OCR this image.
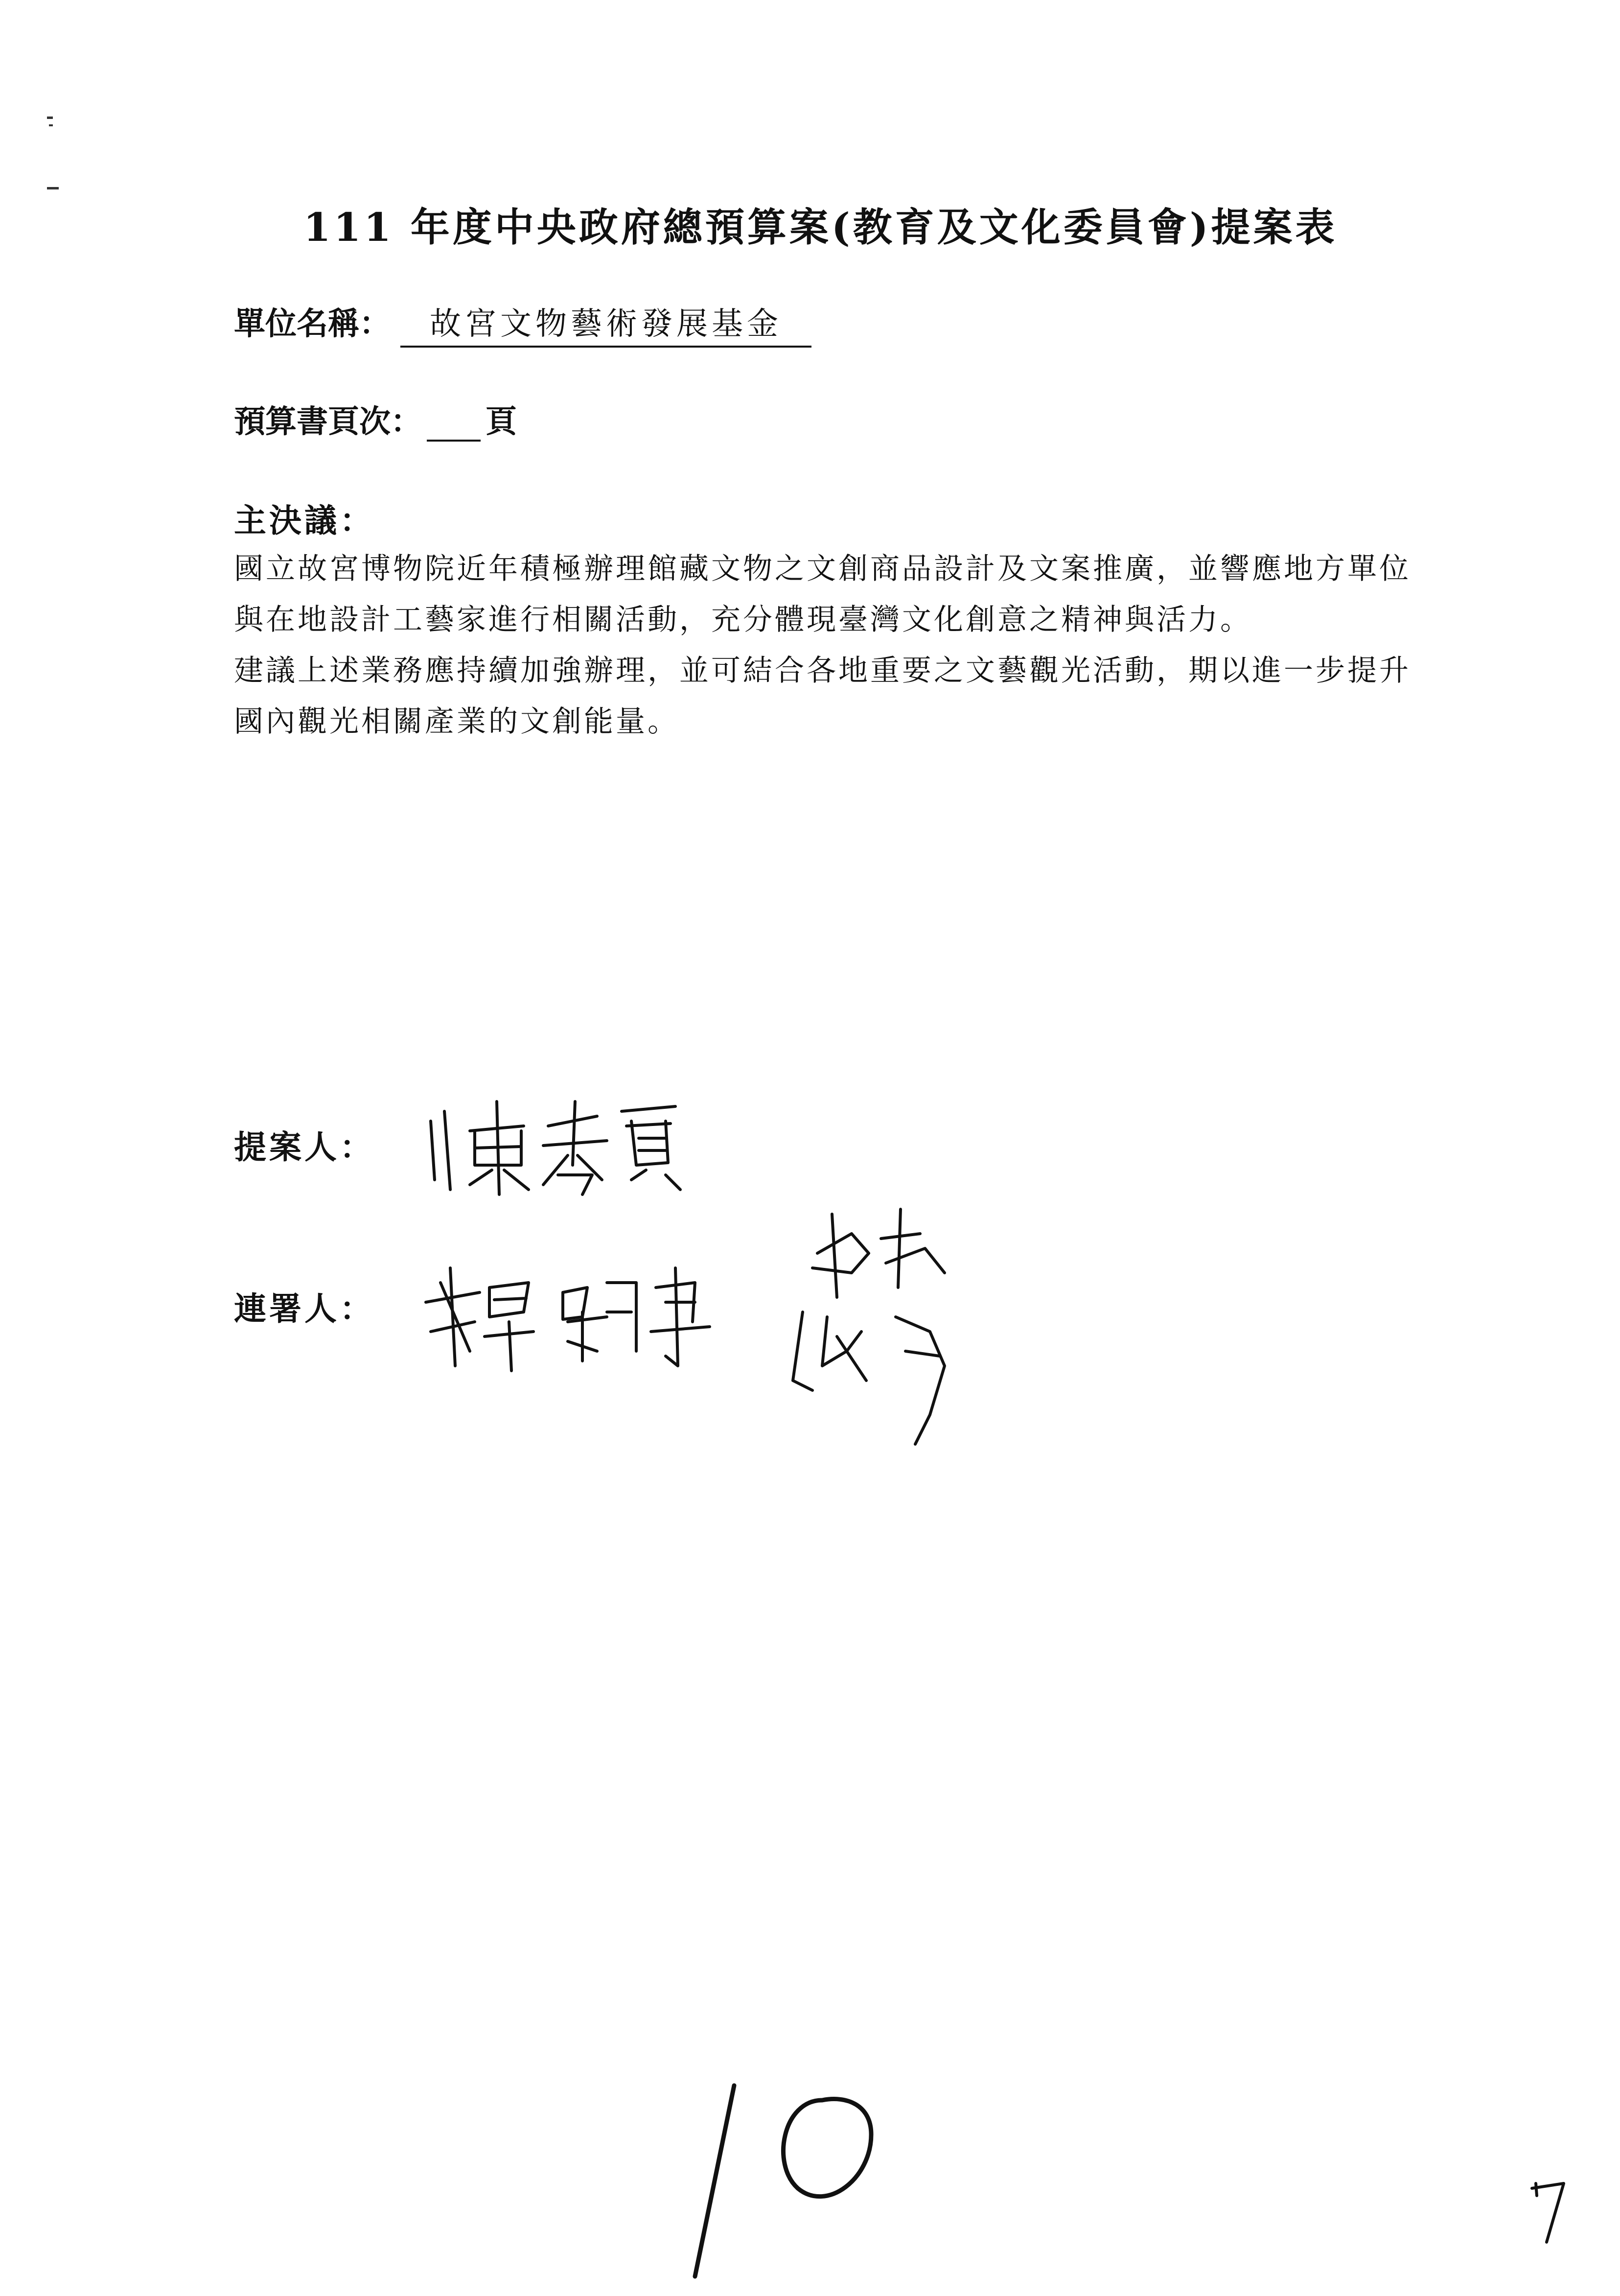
111 年度中央政府總預算案(教育及文化委員會)提案表
單位名稱： 故宮文物藝術發展基金
預算書頁次： 頁
主決議：

國立故宮博物院近年積極辦理館藏文物之文創商品設計及文案推廣，並響應地方單位與在地設計工藝家進行相關活動，充分體現臺灣文化創意之精神與活力。

建議上述業務應持續加強辦理，並可結合各地重要之文藝觀光活動，期以進一步提升國內觀光相關產業的文創能量。

提案人：
連署人：
